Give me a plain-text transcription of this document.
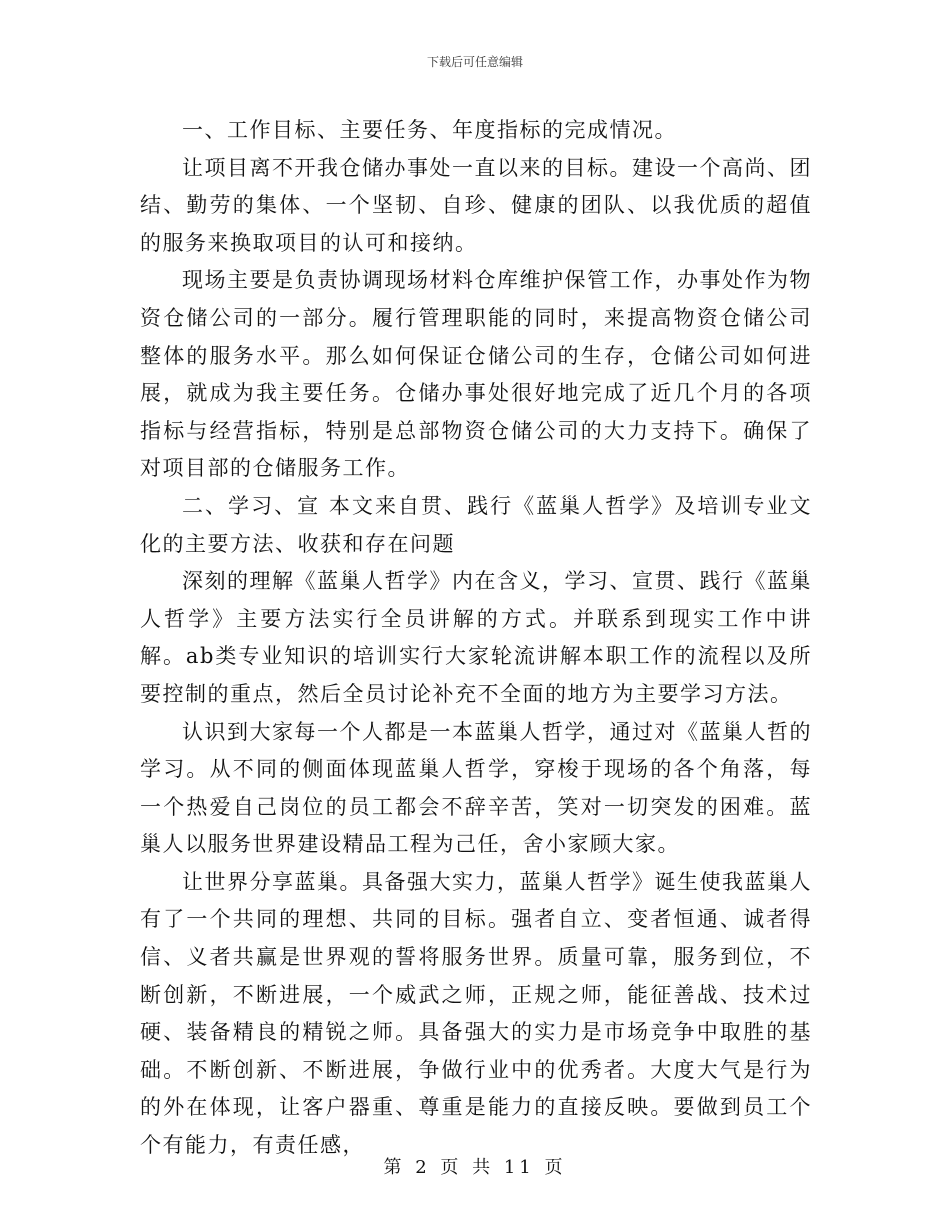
下载后可任意编辑

一、工作目标、主要任务、年度指标的完成情况。

让项目离不开我仓储办事处一直以来的目标。建设一个高尚、团结、勤劳的集体、一个坚韧、自珍、健康的团队、以我优质的超值的服务来换取项目的认可和接纳。

现场主要是负责协调现场材料仓库维护保管工作，办事处作为物资仓储公司的一部分。履行管理职能的同时，来提高物资仓储公司整体的服务水平。那么如何保证仓储公司的生存，仓储公司如何进展，就成为我主要任务。仓储办事处很好地完成了近几个月的各项指标与经营指标，特别是总部物资仓储公司的大力支持下。确保了对项目部的仓储服务工作。

二、学习、宣 本文来自贯、践行《蓝巢人哲学》及培训专业文化的主要方法、收获和存在问题

深刻的理解《蓝巢人哲学》内在含义，学习、宣贯、践行《蓝巢人哲学》主要方法实行全员讲解的方式。并联系到现实工作中讲解。ab类专业知识的培训实行大家轮流讲解本职工作的流程以及所要控制的重点，然后全员讨论补充不全面的地方为主要学习方法。

认识到大家每一个人都是一本蓝巢人哲学，通过对《蓝巢人哲的学习。从不同的侧面体现蓝巢人哲学，穿梭于现场的各个角落，每一个热爱自己岗位的员工都会不辞辛苦，笑对一切突发的困难。蓝巢人以服务世界建设精品工程为己任，舍小家顾大家。

让世界分享蓝巢。具备强大实力，蓝巢人哲学》诞生使我蓝巢人有了一个共同的理想、共同的目标。强者自立、变者恒通、诚者得信、义者共赢是世界观的誓将服务世界。质量可靠，服务到位，不断创新，不断进展，一个威武之师，正规之师，能征善战、技术过硬、装备精良的精锐之师。具备强大的实力是市场竞争中取胜的基础。不断创新、不断进展，争做行业中的优秀者。大度大气是行为的外在体现，让客户器重、尊重是能力的直接反映。要做到员工个个有能力，有责任感，

第 2 页 共 11 页
